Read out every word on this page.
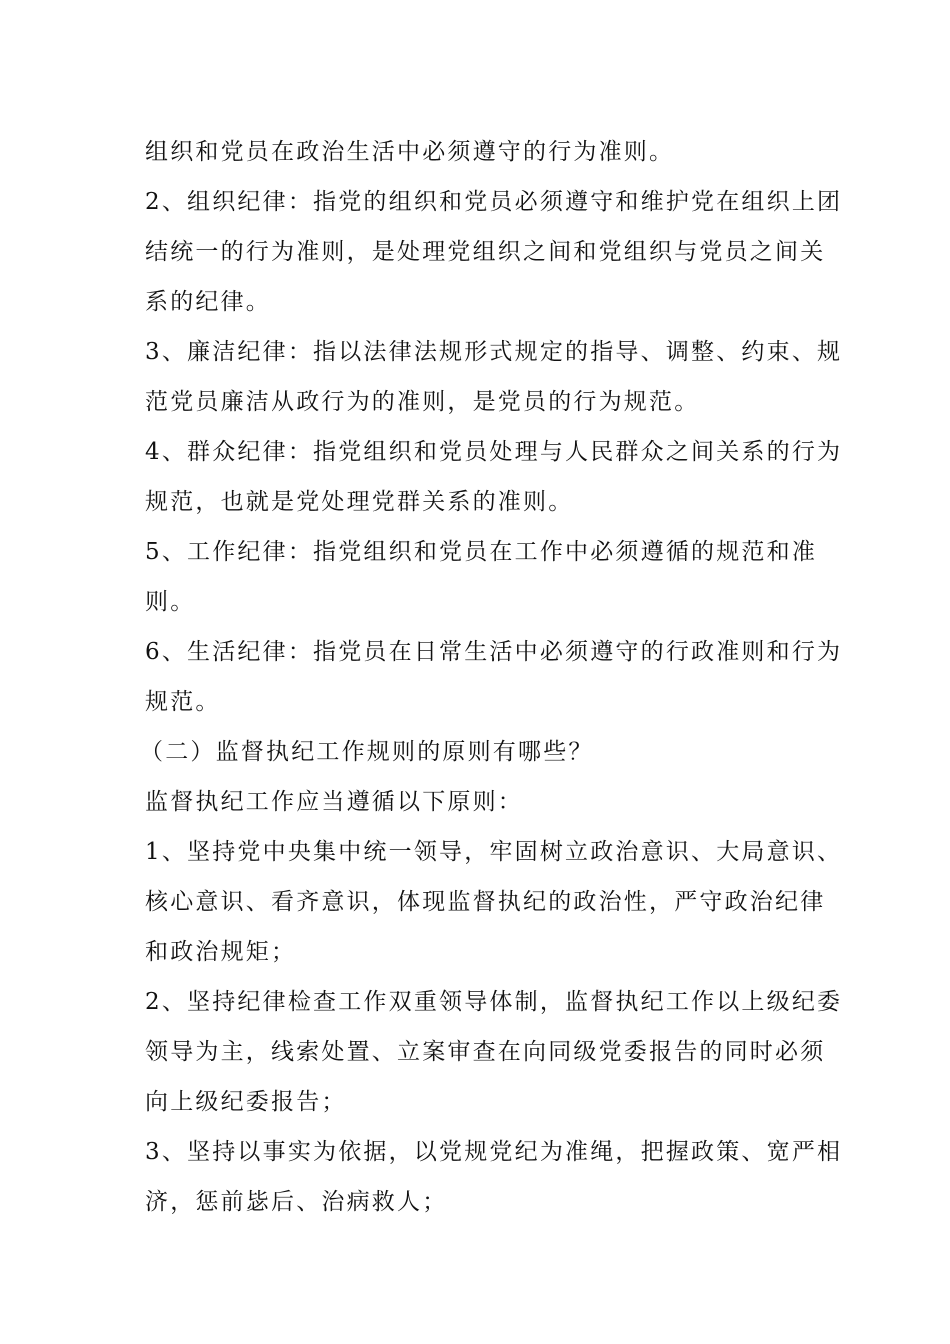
组织和党员在政治生活中必须遵守的行为准则。
2、组织纪律：指党的组织和党员必须遵守和维护党在组织上团
结统一的行为准则，是处理党组织之间和党组织与党员之间关
系的纪律。
3、廉洁纪律：指以法律法规形式规定的指导、调整、约束、规
范党员廉洁从政行为的准则，是党员的行为规范。
4、群众纪律：指党组织和党员处理与人民群众之间关系的行为
规范，也就是党处理党群关系的准则。
5、工作纪律：指党组织和党员在工作中必须遵循的规范和准
则。
6、生活纪律：指党员在日常生活中必须遵守的行政准则和行为
规范。
（二）监督执纪工作规则的原则有哪些？
监督执纪工作应当遵循以下原则：
1、坚持党中央集中统一领导，牢固树立政治意识、大局意识、
核心意识、看齐意识，体现监督执纪的政治性，严守政治纪律
和政治规矩；
2、坚持纪律检查工作双重领导体制，监督执纪工作以上级纪委
领导为主，线索处置、立案审查在向同级党委报告的同时必须
向上级纪委报告；
3、坚持以事实为依据，以党规党纪为准绳，把握政策、宽严相
济，惩前毖后、治病救人；
